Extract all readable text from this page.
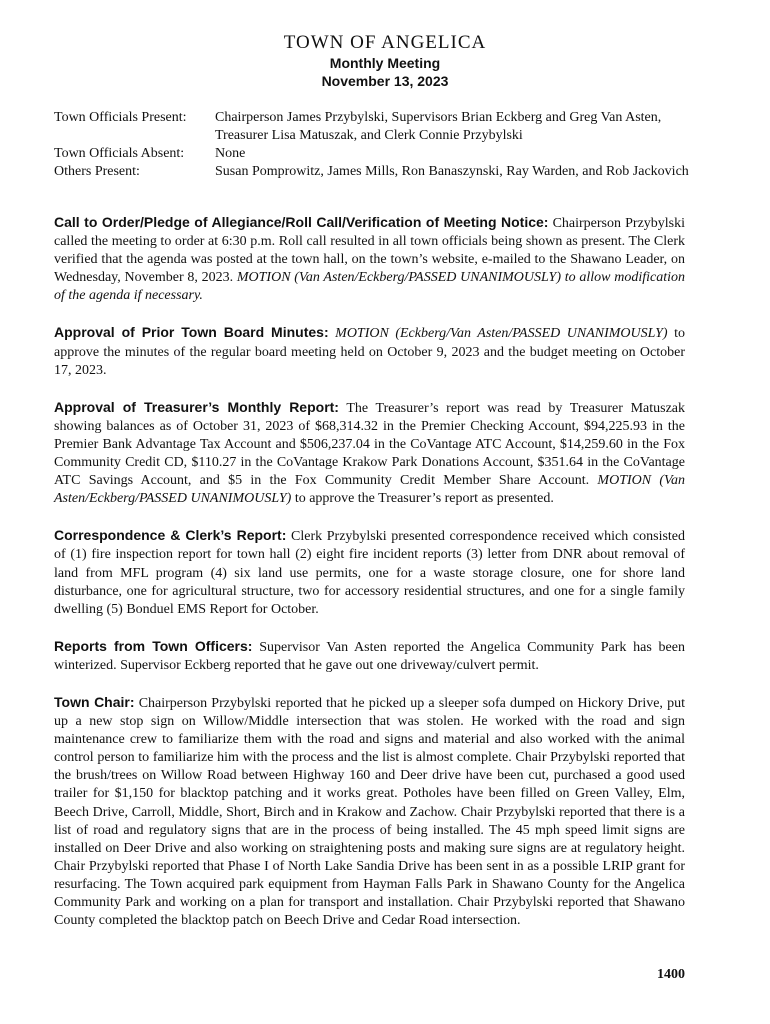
TOWN OF ANGELICA
Monthly Meeting
November 13, 2023
Town Officials Present:	Chairperson James Przybylski, Supervisors Brian Eckberg and Greg Van Asten, Treasurer Lisa Matuszak, and Clerk Connie Przybylski
Town Officials Absent:	None
Others Present:	Susan Pomprowitz, James Mills, Ron Banaszynski, Ray Warden, and Rob Jackovich

Call to Order/Pledge of Allegiance/Roll Call/Verification of Meeting Notice: Chairperson Przybylski called the meeting to order at 6:30 p.m. Roll call resulted in all town officials being shown as present. The Clerk verified that the agenda was posted at the town hall, on the town’s website, e-mailed to the Shawano Leader, on Wednesday, November 8, 2023. MOTION (Van Asten/Eckberg/PASSED UNANIMOUSLY) to allow modification of the agenda if necessary.

Approval of Prior Town Board Minutes: MOTION (Eckberg/Van Asten/PASSED UNANIMOUSLY) to approve the minutes of the regular board meeting held on October 9, 2023 and the budget meeting on October 17, 2023.

Approval of Treasurer’s Monthly Report: The Treasurer’s report was read by Treasurer Matuszak showing balances as of October 31, 2023 of $68,314.32 in the Premier Checking Account, $94,225.93 in the Premier Bank Advantage Tax Account and $506,237.04 in the CoVantage ATC Account, $14,259.60 in the Fox Community Credit CD, $110.27 in the CoVantage Krakow Park Donations Account, $351.64 in the CoVantage ATC Savings Account, and $5 in the Fox Community Credit Member Share Account. MOTION (Van Asten/Eckberg/PASSED UNANIMOUSLY) to approve the Treasurer’s report as presented.

Correspondence & Clerk’s Report: Clerk Przybylski presented correspondence received which consisted of (1) fire inspection report for town hall (2) eight fire incident reports (3) letter from DNR about removal of land from MFL program (4) six land use permits, one for a waste storage closure, one for shore land disturbance, one for agricultural structure, two for accessory residential structures, and one for a single family dwelling (5) Bonduel EMS Report for October.

Reports from Town Officers: Supervisor Van Asten reported the Angelica Community Park has been winterized. Supervisor Eckberg reported that he gave out one driveway/culvert permit.

Town Chair: Chairperson Przybylski reported that he picked up a sleeper sofa dumped on Hickory Drive, put up a new stop sign on Willow/Middle intersection that was stolen. He worked with the road and sign maintenance crew to familiarize them with the road and signs and material and also worked with the animal control person to familiarize him with the process and the list is almost complete. Chair Przybylski reported that the brush/trees on Willow Road between Highway 160 and Deer drive have been cut, purchased a good used trailer for $1,150 for blacktop patching and it works great. Potholes have been filled on Green Valley, Elm, Beech Drive, Carroll, Middle, Short, Birch and in Krakow and Zachow. Chair Przybylski reported that there is a list of road and regulatory signs that are in the process of being installed. The 45 mph speed limit signs are installed on Deer Drive and also working on straightening posts and making sure signs are at regulatory height. Chair Przybylski reported that Phase I of North Lake Sandia Drive has been sent in as a possible LRIP grant for resurfacing. The Town acquired park equipment from Hayman Falls Park in Shawano County for the Angelica Community Park and working on a plan for transport and installation. Chair Przybylski reported that Shawano County completed the blacktop patch on Beech Drive and Cedar Road intersection.

1400
